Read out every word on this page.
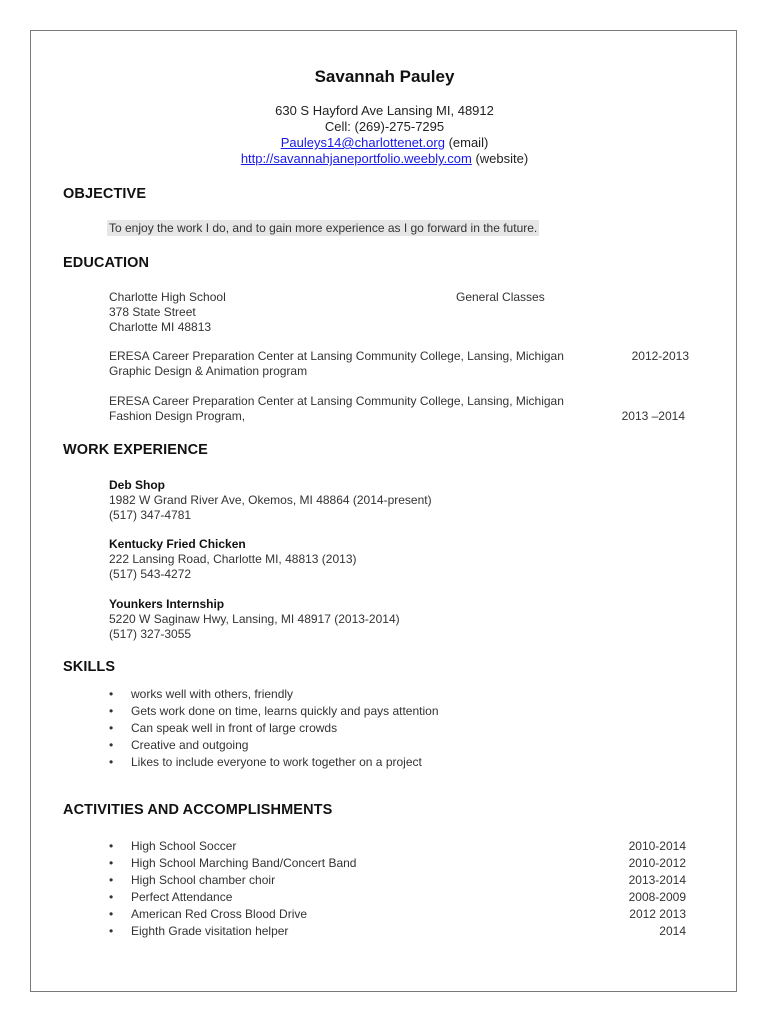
Savannah Pauley
630 S Hayford Ave Lansing MI, 48912
Cell: (269)-275-7295
Pauleys14@charlottenet.org (email)
http://savannahjaneportfolio.weebly.com (website)
OBJECTIVE
To enjoy the work I do, and to gain more experience as I go forward in the future.
EDUCATION
Charlotte High School	General Classes
378 State Street
Charlotte MI 48813
ERESA Career Preparation Center at Lansing Community College, Lansing, Michigan	2012-2013
Graphic Design & Animation program
ERESA Career Preparation Center at Lansing Community College, Lansing, Michigan
Fashion Design Program,	2013 –2014
WORK EXPERIENCE
Deb Shop
1982 W Grand River Ave, Okemos, MI 48864 (2014-present)
(517) 347-4781
Kentucky Fried Chicken
222 Lansing Road, Charlotte MI, 48813 (2013)
(517) 543-4272
Younkers Internship
5220 W Saginaw Hwy, Lansing, MI 48917 (2013-2014)
(517) 327-3055
SKILLS
• works well with others, friendly
• Gets work done on time, learns quickly and pays attention
• Can speak well in front of large crowds
• Creative and outgoing
• Likes to include everyone to work together on a project
ACTIVITIES AND ACCOMPLISHMENTS
• High School Soccer	2010-2014
• High School Marching Band/Concert Band	2010-2012
• High School chamber choir	2013-2014
• Perfect Attendance	2008-2009
• American Red Cross Blood Drive	2012 2013
• Eighth Grade visitation helper	2014
